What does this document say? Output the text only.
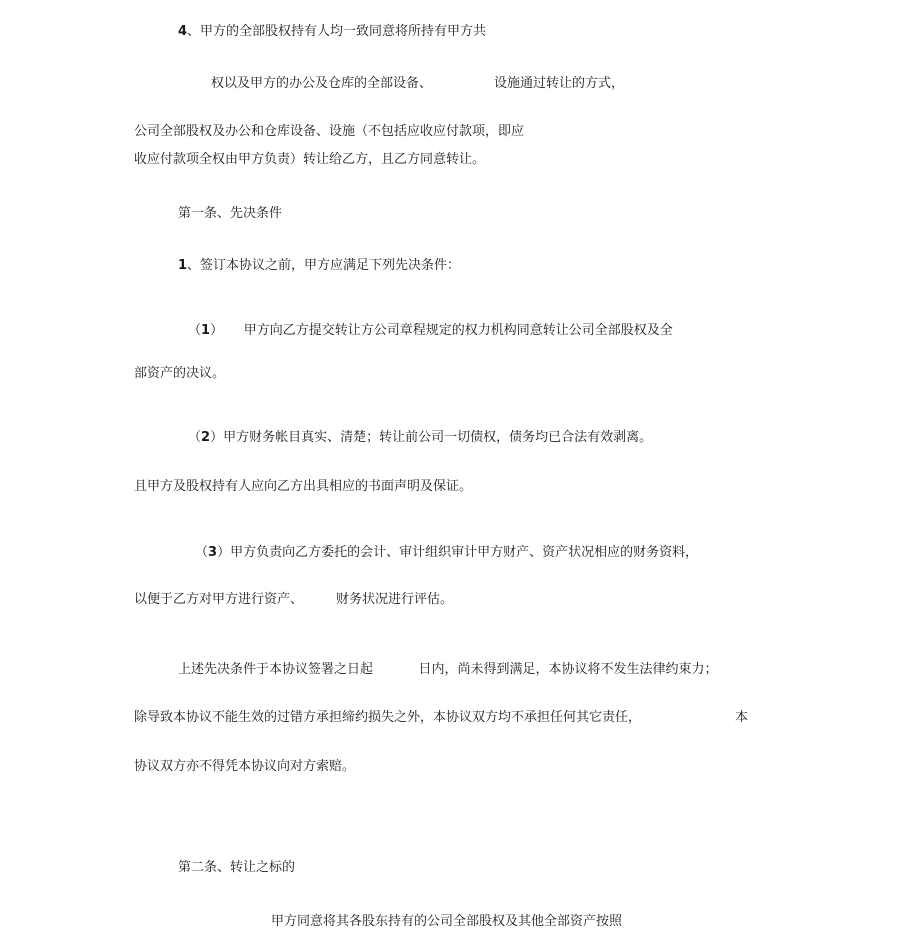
4、甲方的全部股权持有人均一致同意将所持有甲方共
权以及甲方的办公及仓库的全部设备、               设施通过转让的方式，
公司全部股权及办公和仓库设备、设施（不包括应收应付款项，即应
收应付款项全权由甲方负责）转让给乙方，且乙方同意转让。
第一条、先决条件
1、签订本协议之前，甲方应满足下列先决条件：
（1）     甲方向乙方提交转让方公司章程规定的权力机构同意转让公司全部股权及全
部资产的决议。
（2）甲方财务帐目真实、清楚；转让前公司一切债权，债务均已合法有效剥离。
且甲方及股权持有人应向乙方出具相应的书面声明及保证。
（3）甲方负责向乙方委托的会计、审计组织审计甲方财产、资产状况相应的财务资料，
以便于乙方对甲方进行资产、        财务状况进行评估。
上述先决条件于本协议签署之日起           日内，尚未得到满足，本协议将不发生法律约束力；
除导致本协议不能生效的过错方承担缔约损失之外，本协议双方均不承担任何其它责任，	本
协议双方亦不得凭本协议向对方索赔。
第二条、转让之标的
甲方同意将其各股东持有的公司全部股权及其他全部资产按照
